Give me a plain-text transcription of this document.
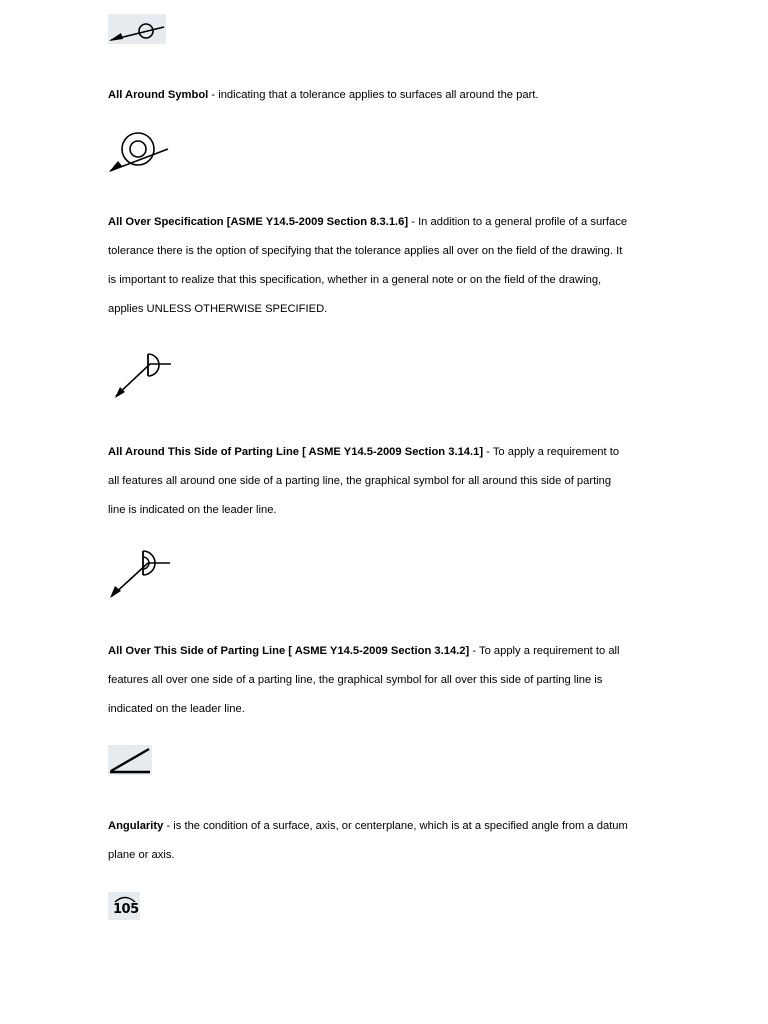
All Around Symbol - indicating that a tolerance applies to surfaces all around the part.

All Over Specification [ASME Y14.5-2009 Section 8.3.1.6] - In addition to a general profile of a surface tolerance there is the option of specifying that the tolerance applies all over on the field of the drawing. It is important to realize that this specification, whether in a general note or on the field of the drawing, applies UNLESS OTHERWISE SPECIFIED.

All Around This Side of Parting Line [ ASME Y14.5-2009 Section 3.14.1] - To apply a requirement to all features all around one side of a parting line, the graphical symbol for all around this side of parting line is indicated on the leader line.

All Over This Side of Parting Line [ ASME Y14.5-2009 Section 3.14.2] - To apply a requirement to all features all over one side of a parting line, the graphical symbol for all over this side of parting line is indicated on the leader line.

Angularity - is the condition of a surface, axis, or centerplane, which is at a specified angle from a datum plane or axis.

105
